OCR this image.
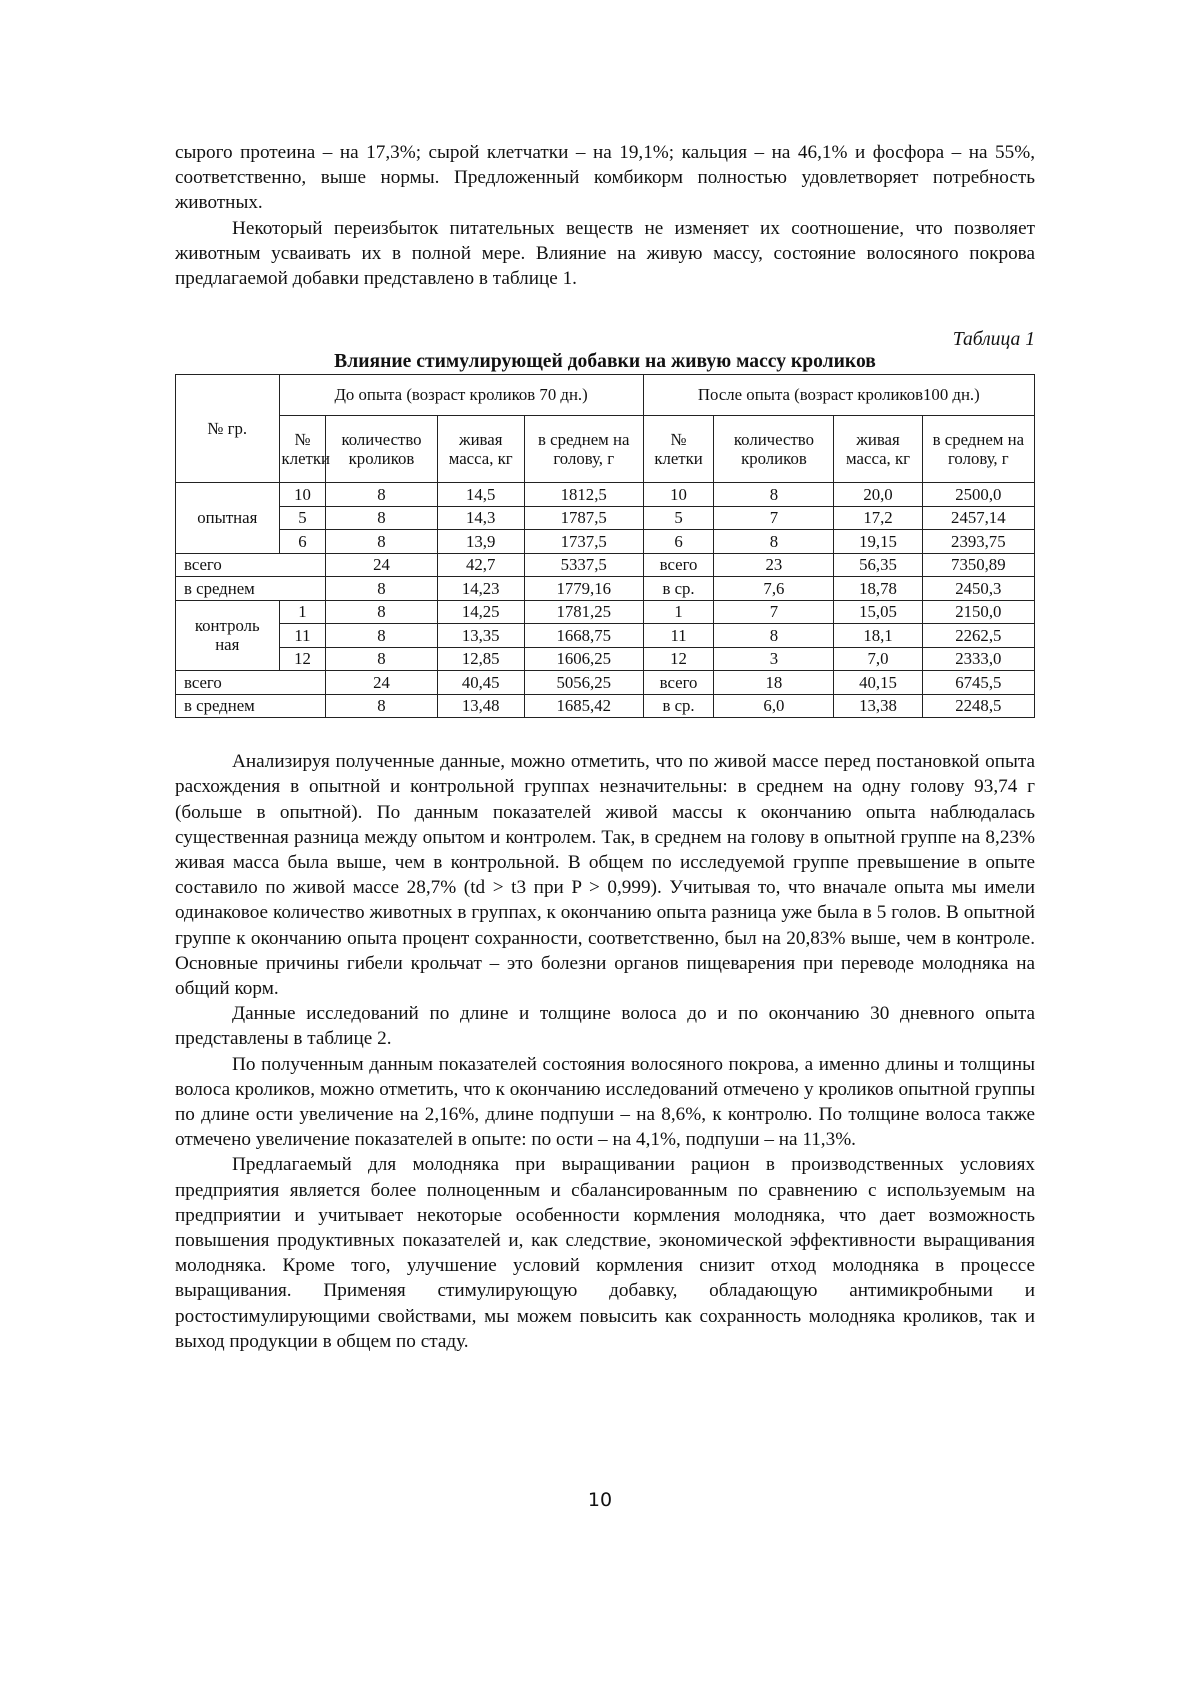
сырого протеина – на 17,3%; сырой клетчатки – на 19,1%; кальция – на 46,1% и фосфора – на 55%, соответственно, выше нормы. Предложенный комбикорм полностью удовлетворяет потребность животных.

Некоторый переизбыток питательных веществ не изменяет их соотношение, что позволяет животным усваивать их в полной мере. Влияние на живую массу, состояние волосяного покрова предлагаемой добавки представлено в таблице 1.

Таблица 1

Влияние стимулирующей добавки на живую массу кроликов

№ гр.	До опыта (возраст кроликов 70 дн.)	После опыта (возраст кроликов100 дн.)
№ клетки	количество кроликов	живая масса, кг	в среднем на голову, г	№ клетки	количество кроликов	живая масса, кг	в среднем на голову, г
опытная	10	8	14,5	1812,5	10	8	20,0	2500,0
5	8	14,3	1787,5	5	7	17,2	2457,14
6	8	13,9	1737,5	6	8	19,15	2393,75
всего	24	42,7	5337,5	всего	23	56,35	7350,89
в среднем	8	14,23	1779,16	в ср.	7,6	18,78	2450,3
контрольная	1	8	14,25	1781,25	1	7	15,05	2150,0
11	8	13,35	1668,75	11	8	18,1	2262,5
12	8	12,85	1606,25	12	3	7,0	2333,0
всего	24	40,45	5056,25	всего	18	40,15	6745,5
в среднем	8	13,48	1685,42	в ср.	6,0	13,38	2248,5

Анализируя полученные данные, можно отметить, что по живой массе перед постановкой опыта расхождения в опытной и контрольной группах незначительны: в среднем на одну голову 93,74 г (больше в опытной). По данным показателей живой массы к окончанию опыта наблюдалась существенная разница между опытом и контролем. Так, в среднем на голову в опытной группе на 8,23% живая масса была выше, чем в контрольной. В общем по исследуемой группе превышение в опыте составило по живой массе 28,7% (td > t3 при P > 0,999). Учитывая то, что вначале опыта мы имели одинаковое количество животных в группах, к окончанию опыта разница уже была в 5 голов. В опытной группе к окончанию опыта процент сохранности, соответственно, был на 20,83% выше, чем в контроле. Основные причины гибели крольчат – это болезни органов пищеварения при переводе молодняка на общий корм.

Данные исследований по длине и толщине волоса до и по окончанию 30 дневного опыта представлены в таблице 2.

По полученным данным показателей состояния волосяного покрова, а именно длины и толщины волоса кроликов, можно отметить, что к окончанию исследований отмечено у кроликов опытной группы по длине ости увеличение на 2,16%, длине подпуши – на 8,6%, к контролю. По толщине волоса также отмечено увеличение показателей в опыте: по ости – на 4,1%, подпуши – на 11,3%.

Предлагаемый для молодняка при выращивании рацион в производственных условиях предприятия является более полноценным и сбалансированным по сравнению с используемым на предприятии и учитывает некоторые особенности кормления молодняка, что дает возможность повышения продуктивных показателей и, как следствие, экономической эффективности выращивания молодняка. Кроме того, улучшение условий кормления снизит отход молодняка в процессе выращивания. Применяя стимулирующую добавку, обладающую антимикробными и ростостимулирующими свойствами, мы можем повысить как сохранность молодняка кроликов, так и выход продукции в общем по стаду.

10
